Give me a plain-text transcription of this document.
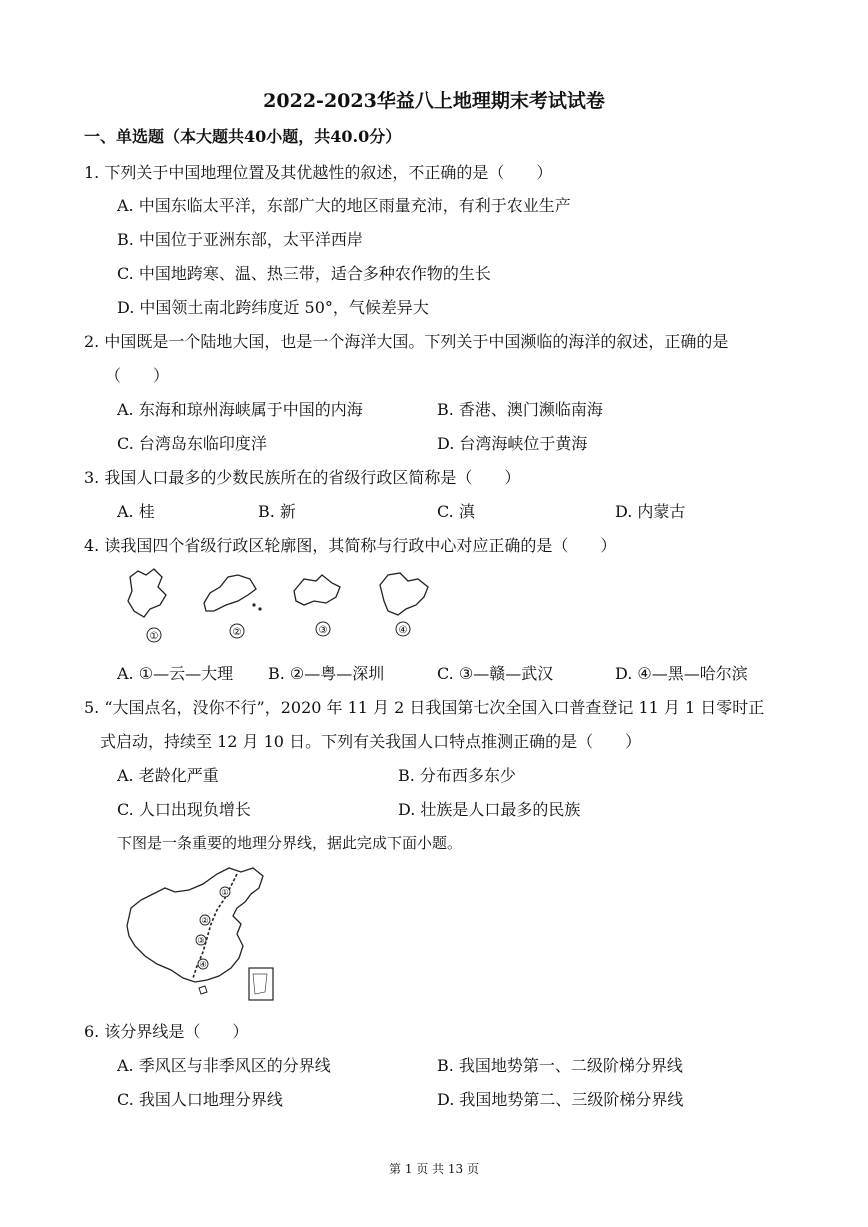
2022-2023华益八上地理期末考试试卷
一、单选题（本大题共40小题，共40.0分）
1. 下列关于中国地理位置及其优越性的叙述，不正确的是（　　）
A. 中国东临太平洋，东部广大的地区雨量充沛，有利于农业生产
B. 中国位于亚洲东部，太平洋西岸
C. 中国地跨寒、温、热三带，适合多种农作物的生长
D. 中国领土南北跨纬度近 50°，气候差异大
2. 中国既是一个陆地大国，也是一个海洋大国。下列关于中国濒临的海洋的叙述，正确的是
（　　）
A. 东海和琼州海峡属于中国的内海	B. 香港、澳门濒临南海
C. 台湾岛东临印度洋	D. 台湾海峡位于黄海
3. 我国人口最多的少数民族所在的省级行政区简称是（　　）
A. 桂	B. 新	C. 滇	D. 内蒙古
4. 读我国四个省级行政区轮廓图，其简称与行政中心对应正确的是（　　）
①	②	③	④
A. ①—云—大理 B. ②—粤—深圳	C. ③—赣—武汉	D. ④—黑—哈尔滨
5. “大国点名，没你不行”，2020 年 11 月 2 日我国第七次全国入口普查登记 11 月 1 日零时正
式启动，持续至 12 月 10 日。下列有关我国人口特点推测正确的是（　　）
A. 老龄化严重	B. 分布西多东少
C. 人口出现负增长	D. 壮族是人口最多的民族
下图是一条重要的地理分界线，据此完成下面小题。
①
②
③
④
6. 该分界线是（　　）
A. 季风区与非季风区的分界线	B. 我国地势第一、二级阶梯分界线
C. 我国人口地理分界线	D. 我国地势第二、三级阶梯分界线
第 1 页 共 13 页
